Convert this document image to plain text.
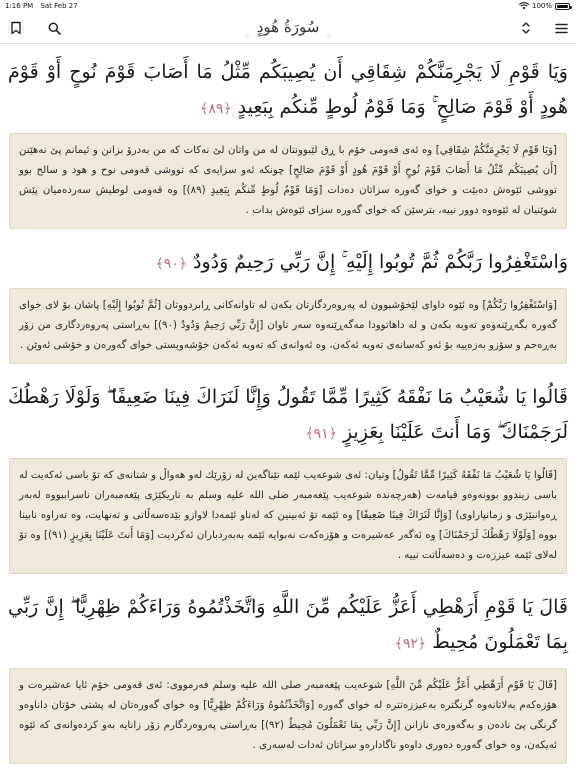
1:16 PM Sat Feb 27	100%
۞ سُورَةُ هُودٍ ۞

وَيَا قَوْمِ لَا يَجْرِمَنَّكُمْ شِقَاقِي أَن يُصِيبَكُم مِّثْلُ مَا أَصَابَ قَوْمَ نُوحٍ أَوْ قَوْمَ هُودٍ أَوْ قَوْمَ صَالِحٍ ۚ وَمَا قَوْمُ لُوطٍ مِّنكُم بِبَعِيدٍ ﴿٨٩﴾

[وَيَا قَوْمِ لَا يَجْرِمَنَّكُمْ شِقَاقِي] وە ئەی قەومی خۆم با ڕق لێبوونتان لە من واتان لێ نەكات كە من بەدرۆ بزانن و ئیمانم پێ نەهێنن [أَن يُصِيبَكُم مِّثْلُ مَا أَصَابَ قَوْمَ نُوحٍ أَوْ قَوْمَ هُودٍ أَوْ قَوْمَ صَالِحٍ] چونكە ئەو سزایەی كە تووشی قەومی نوح و هود و سالح بوو تووشی ئێوەش دەبێت و خوای گەورە سزاتان دەدات [وَمَا قَوْمُ لُوطٍ مِّنكُم بِبَعِيدٍ (٨٩)] وە قەومی لوطیش سەردەمیان پێش شوێنیان لە ئێوەوە دوور نییە، بترسێن كە خوای گەورە سزای ئێوەش بدات .

وَاسْتَغْفِرُوا رَبَّكُمْ ثُمَّ تُوبُوا إِلَيْهِ ۚ إِنَّ رَبِّي رَحِيمٌ وَدُودٌ ﴿٩٠﴾

[وَاسْتَغْفِرُوا رَبَّكُمْ] وە ئێوە داوای لێخۆشبوون لە پەروەردگارتان بكەن لە تاوانەكانی ڕابردووتان [ثُمَّ تُوبُوا إِلَيْهِ] پاشان بۆ لای خوای گەورە بگەڕێنەوەو تەوبە بكەن و لە داهاتوودا مەگەڕێنەوە سەر تاوان [إِنَّ رَبِّي رَحِيمٌ وَدُودٌ (٩٠)] بەڕاستی پەروەردگاری من زۆر بەڕەحم و سۆزو بەزەییە بۆ ئەو كەسانەی تەوبە ئەكەن، وە ئەوانەی كە تەوبە ئەكەن خۆشەویستی خوای گەورەن و خۆشی ئەوێن .

قَالُوا يَا شُعَيْبُ مَا نَفْقَهُ كَثِيرًا مِّمَّا تَقُولُ وَإِنَّا لَنَرَاكَ فِينَا ضَعِيفًا ۖ وَلَوْلَا رَهْطُكَ لَرَجَمْنَاكَ ۖ وَمَا أَنتَ عَلَيْنَا بِعَزِيزٍ ﴿٩١﴾

[قَالُوا يَا شُعَيْبُ مَا نَفْقَهُ كَثِيرًا مِّمَّا تَقُولُ] وتیان: ئەی شوعەیب ئێمە تێناگەین لە زۆرێك لەو هەواڵ و شتانەی كە تۆ باسی ئەكەیت لە باسی زیندوو بوونەوەو قیامەت (هەرچەندە شوعەیب پێغەمبەر صلى الله عليه وسلم بە تاریكێژی پێغەمبەران ناسراببووە لەبەر ڕەوانبێژی و زمانپاراوی) [وَإِنَّا لَنَرَاكَ فِينَا ضَعِيفًا] وە ئێمە تۆ ئەبینین كە لەناو ئێمەدا لاوازو بێدەسەڵاتی و تەنهایت، وە تەراوە نابینا بووە [وَلَوْلَا رَهْطُكَ لَرَجَمْنَاكَ] وە ئەگەر عەشیرەت و هۆزەكەت نەبوایە ئێمە بەبەردباران ئەكردیت [وَمَا أَنتَ عَلَيْنَا بِعَزِيزٍ (٩١)] وە تۆ لەلای ئێمە عیززەت و دەسەڵاتت نییە .

قَالَ يَا قَوْمِ أَرَهْطِي أَعَزُّ عَلَيْكُم مِّنَ اللَّهِ وَاتَّخَذْتُمُوهُ وَرَاءَكُمْ ظِهْرِيًّا ۖ إِنَّ رَبِّي بِمَا تَعْمَلُونَ مُحِيطٌ ﴿٩٢﴾

[قَالَ يَا قَوْمِ أَرَهْطِي أَعَزُّ عَلَيْكُم مِّنَ اللَّهِ] شوعەیب پێغەمبەر صلى الله عليه وسلم فەرمووی: ئەی قەومی خۆم ئایا عەشیرەت و هۆزەكەم بەلاتانەوە گرنگترە بەعیززەتترە لە خوای گەورە [وَاتَّخَذْتُمُوهُ وَرَاءَكُمْ ظِهْرِيًّا] وە خوای گەورەتان لە پشتی خۆتان داناوەو گرنگی پێ نادەن و بەگەورەی نازانن [إِنَّ رَبِّي بِمَا تَعْمَلُونَ مُحِيطٌ (٩٢)] بەڕاستی پەروەردگارم زۆر زانایە بەو كردەوانەی كە ئێوە ئەیكەن، وە خوای گەورە دەوری داوەو ناگادارەو سزاتان ئەدات لەسەری .
